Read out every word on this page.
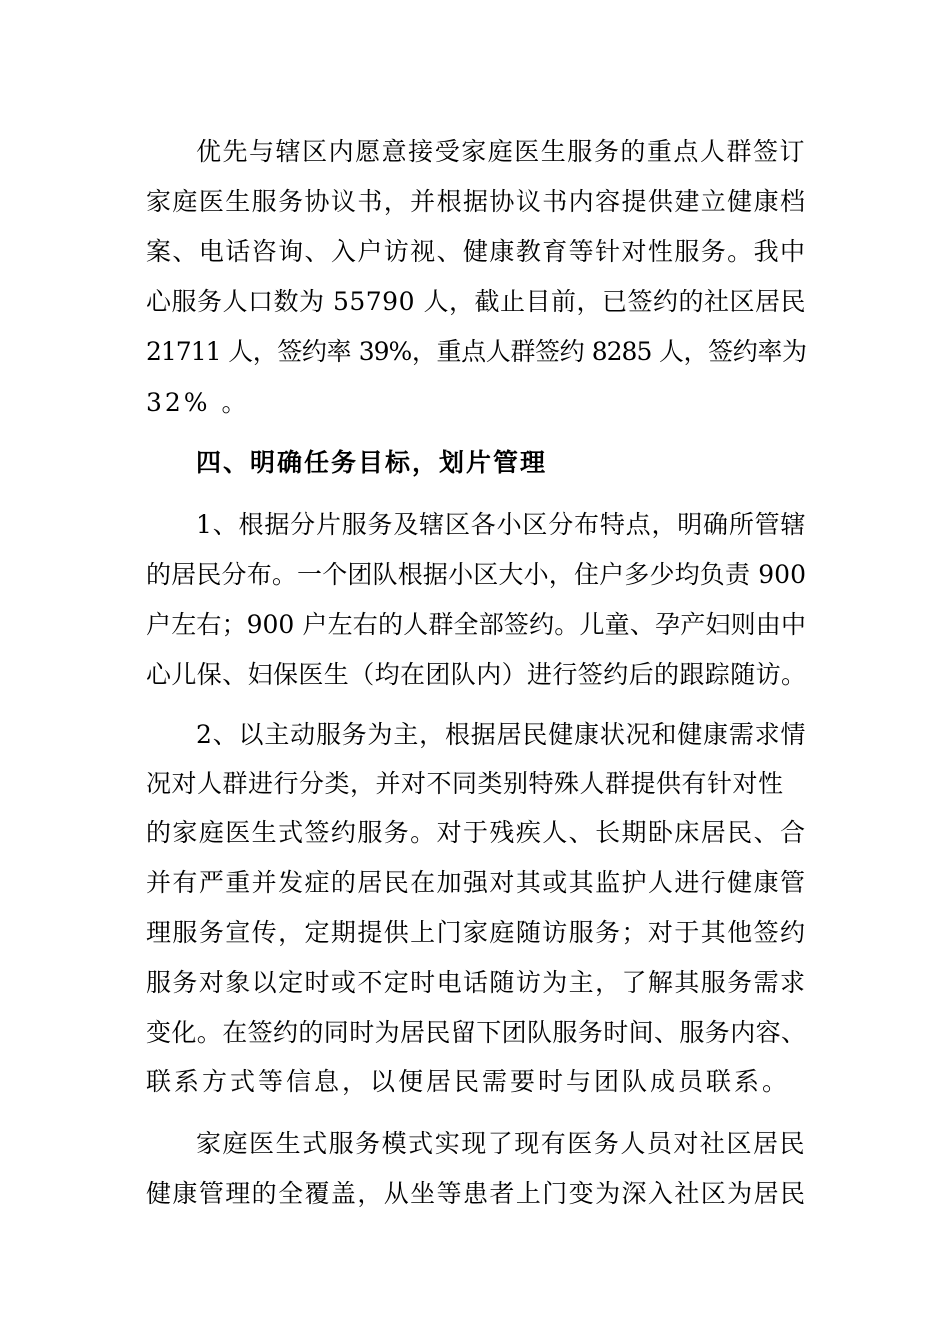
优先与辖区内愿意接受家庭医生服务的重点人群签订
家庭医生服务协议书，并根据协议书内容提供建立健康档
案、电话咨询、入户访视、健康教育等针对性服务。我中
心服务人口数为 55790 人，截止目前，已签约的社区居民
21711 人，签约率 39%，重点人群签约 8285 人，签约率为
32% 。
四、明确任务目标，划片管理
1、根据分片服务及辖区各小区分布特点，明确所管辖
的居民分布。一个团队根据小区大小，住户多少均负责 900
户左右；900 户左右的人群全部签约。儿童、孕产妇则由中
心儿保、妇保医生（均在团队内）进行签约后的跟踪随访。
2、以主动服务为主，根据居民健康状况和健康需求情
况对人群进行分类，并对不同类别特殊人群提供有针对性
的家庭医生式签约服务。对于残疾人、长期卧床居民、合
并有严重并发症的居民在加强对其或其监护人进行健康管
理服务宣传，定期提供上门家庭随访服务；对于其他签约
服务对象以定时或不定时电话随访为主，了解其服务需求
变化。在签约的同时为居民留下团队服务时间、服务内容、
联系方式等信息，以便居民需要时与团队成员联系。
家庭医生式服务模式实现了现有医务人员对社区居民
健康管理的全覆盖，从坐等患者上门变为深入社区为居民
